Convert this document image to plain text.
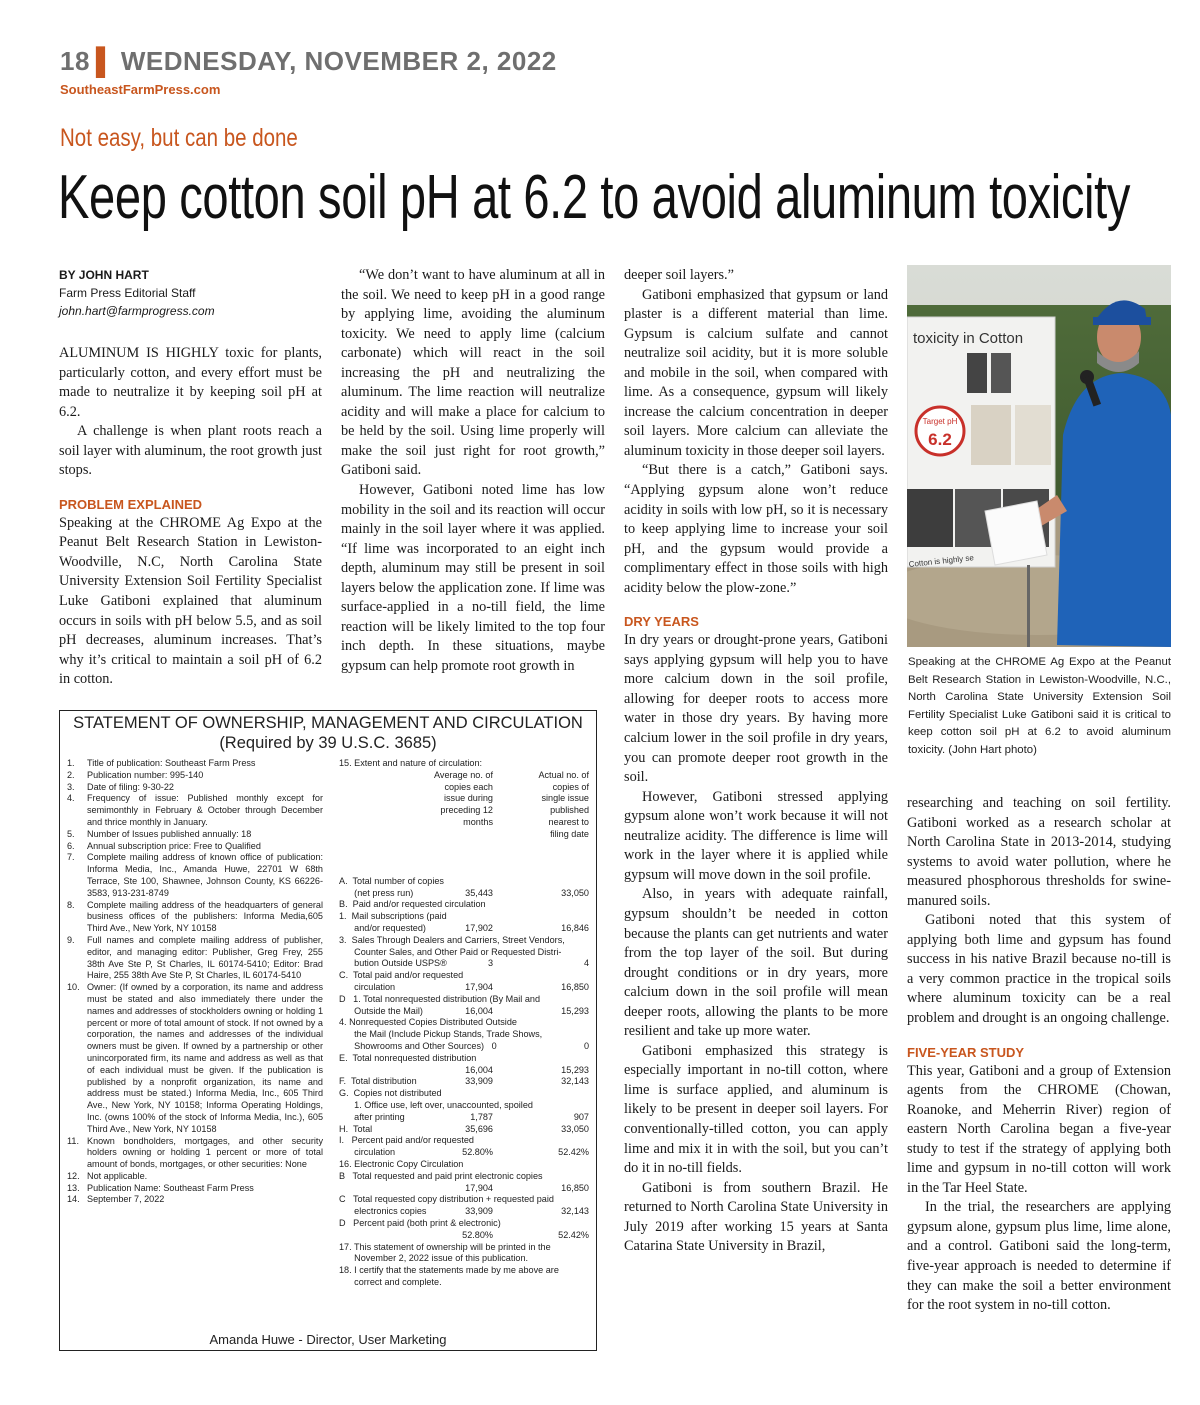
18 ▌ WEDNESDAY, NOVEMBER 2, 2022
SoutheastFarmPress.com
Not easy, but can be done
Keep cotton soil pH at 6.2 to avoid aluminum toxicity
BY JOHN HART
Farm Press Editorial Staff
john.hart@farmprogress.com

ALUMINUM IS HIGHLY toxic for plants, particularly cotton, and every effort must be made to neutralize it by keeping soil pH at 6.2.

A challenge is when plant roots reach a soil layer with aluminum, the root growth just stops.

PROBLEM EXPLAINED

Speaking at the CHROME Ag Expo at the Peanut Belt Research Station in Lewiston-Woodville, N.C, North Carolina State University Extension Soil Fertility Specialist Luke Gatiboni explained that aluminum occurs in soils with pH below 5.5, and as soil pH decreases, aluminum increases. That’s why it’s critical to maintain a soil pH of 6.2 in cotton.

“We don’t want to have aluminum at all in the soil. We need to keep pH in a good range by applying lime, avoiding the aluminum toxicity. We need to apply lime (calcium carbonate) which will react in the soil increasing the pH and neutralizing the aluminum. The lime reaction will neutralize acidity and will make a place for calcium to be held by the soil. Using lime properly will make the soil just right for root growth,” Gatiboni said.

However, Gatiboni noted lime has low mobility in the soil and its reaction will occur mainly in the soil layer where it was applied. “If lime was incorporated to an eight inch depth, aluminum may still be present in soil layers below the application zone. If lime was surface-applied in a no-till field, the lime reaction will be likely limited to the top four inch depth. In these situations, maybe gypsum can help promote root growth in

deeper soil layers.”

Gatiboni emphasized that gypsum or land plaster is a different material than lime. Gypsum is calcium sulfate and cannot neutralize soil acidity, but it is more soluble and mobile in the soil, when compared with lime. As a consequence, gypsum will likely increase the calcium concentration in deeper soil layers. More calcium can alleviate the aluminum toxicity in those deeper soil layers.

“But there is a catch,” Gatiboni says. “Applying gypsum alone won’t reduce acidity in soils with low pH, so it is necessary to keep applying lime to increase your soil pH, and the gypsum would provide a complimentary effect in those soils with high acidity below the plow-zone.”

DRY YEARS

In dry years or drought-prone years, Gatiboni says applying gypsum will help you to have more calcium down in the soil profile, allowing for deeper roots to access more water in those dry years. By having more calcium lower in the soil profile in dry years, you can promote deeper root growth in the soil.

However, Gatiboni stressed applying gypsum alone won’t work because it will not neutralize acidity. The difference is lime will work in the layer where it is applied while gypsum will move down in the soil profile.

Also, in years with adequate rainfall, gypsum shouldn’t be needed in cotton because the plants can get nutrients and water from the top layer of the soil. But during drought conditions or in dry years, more calcium down in the soil profile will mean deeper roots, allowing the plants to be more resilient and take up more water.

Gatiboni emphasized this strategy is especially important in no-till cotton, where lime is surface applied, and aluminum is likely to be present in deeper soil layers. For conventionally-tilled cotton, you can apply lime and mix it in with the soil, but you can’t do it in no-till fields.

Gatiboni is from southern Brazil. He returned to North Carolina State University in July 2019 after working 15 years at Santa Catarina State University in Brazil,

toxicity in Cotton
Target pH
6.2
Cotton is highly se
Speaking at the CHROME Ag Expo at the Peanut Belt Research Station in Lewiston-Woodville, N.C., North Carolina State University Extension Soil Fertility Specialist Luke Gatiboni said it is critical to keep cotton soil pH at 6.2 to avoid aluminum toxicity. (John Hart photo)

researching and teaching on soil fertility. Gatiboni worked as a research scholar at North Carolina State in 2013-2014, studying systems to avoid water pollution, where he measured phosphorous thresholds for swine-manured soils.

Gatiboni noted that this system of applying both lime and gypsum has found success in his native Brazil because no-till is a very common practice in the tropical soils where aluminum toxicity can be a real problem and drought is an ongoing challenge.

FIVE-YEAR STUDY

This year, Gatiboni and a group of Extension agents from the CHROME (Chowan, Roanoke, and Meherrin River) region of eastern North Carolina began a five-year study to test if the strategy of applying both lime and gypsum in no-till cotton will work in the Tar Heel State.

In the trial, the researchers are applying gypsum alone, gypsum plus lime, lime alone, and a control. Gatiboni said the long-term, five-year approach is needed to determine if they can make the soil a better environment for the root system in no-till cotton.

STATEMENT OF OWNERSHIP, MANAGEMENT AND CIRCULATION
(Required by 39 U.S.C. 3685)
1.	Title of publication: Southeast Farm Press
2.	Publication number: 995-140
3.	Date of filing: 9-30-22
4.	Frequency of issue: Published monthly except for semimonthly in February & October through December and thrice monthly in January.
5.	Number of Issues published annually: 18
6.	Annual subscription price: Free to Qualified
7.	Complete mailing address of known office of publication: Informa Media, Inc., Amanda Huwe, 22701 W 68th Terrace, Ste 100, Shawnee, Johnson County, KS 66226-3583, 913-231-8749
8.	Complete mailing address of the headquarters of general business offices of the publishers: Informa Media,605 Third Ave., New York, NY 10158
9.	Full names and complete mailing address of publisher, editor, and managing editor: Publisher, Greg Frey, 255 38th Ave Ste P, St Charles, IL 60174-5410; Editor: Brad Haire, 255 38th Ave Ste P, St Charles, IL 60174-5410
10. Owner: (If owned by a corporation, its name and address must be stated and also immediately there under the names and addresses of stockholders owning or holding 1 percent or more of total amount of stock. If not owned by a corporation, the names and addresses of the individual owners must be given. If owned by a partnership or other unincorporated firm, its name and address as well as that of each individual must be given. If the publication is published by a nonprofit organization, its name and address must be stated.) Informa Media, Inc., 605 Third Ave., New York, NY 10158; Informa Operating Holdings, Inc. (owns 100% of the stock of Informa Media, Inc.), 605 Third Ave., New York, NY 10158
11. Known bondholders, mortgages, and other security holders owning or holding 1 percent or more of total amount of bonds, mortgages, or other securities: None
12. Not applicable.
13. Publication Name: Southeast Farm Press
14. September 7, 2022
15. Extent and nature of circulation:
Average no. of copies each issue during preceding 12 months
Actual no. of copies of single issue published nearest to filing date
A.  Total number of copies
(net press run)	35,443	33,050
B.  Paid and/or requested circulation
1.  Mail subscriptions (paid
and/or requested)	17,902	16,846
3.  Sales Through Dealers and Carriers, Street Vendors,
Counter Sales, and Other Paid or Requested Distri-
bution Outside USPS®	3	4
C.  Total paid and/or requested
circulation	17,904	16,850
D   1. Total nonrequested distribution (By Mail and
Outside the Mail)	16,004	15,293
4. Nonrequested Copies Distributed Outside
the Mail (Include Pickup Stands, Trade Shows,
Showrooms and Other Sources)   0	0
E.  Total nonrequested distribution
16,004	15,293
F.  Total distribution	33,909	32,143
G.  Copies not distributed
1. Office use, left over, unaccounted, spoiled
after printing	1,787	907
H.  Total	35,696	33,050
I.   Percent paid and/or requested
circulation	52.80%	52.42%
16. Electronic Copy Circulation
B   Total requested and paid print electronic copies
17,904	16,850
C   Total requested copy distribution + requested paid
electronics copies	33,909	32,143
D   Percent paid (both print & electronic)
52.80%	52.42%
17. This statement of ownership will be printed in the
November 2, 2022 issue of this publication.
18. I certify that the statements made by me above are
correct and complete.
Amanda Huwe - Director, User Marketing
